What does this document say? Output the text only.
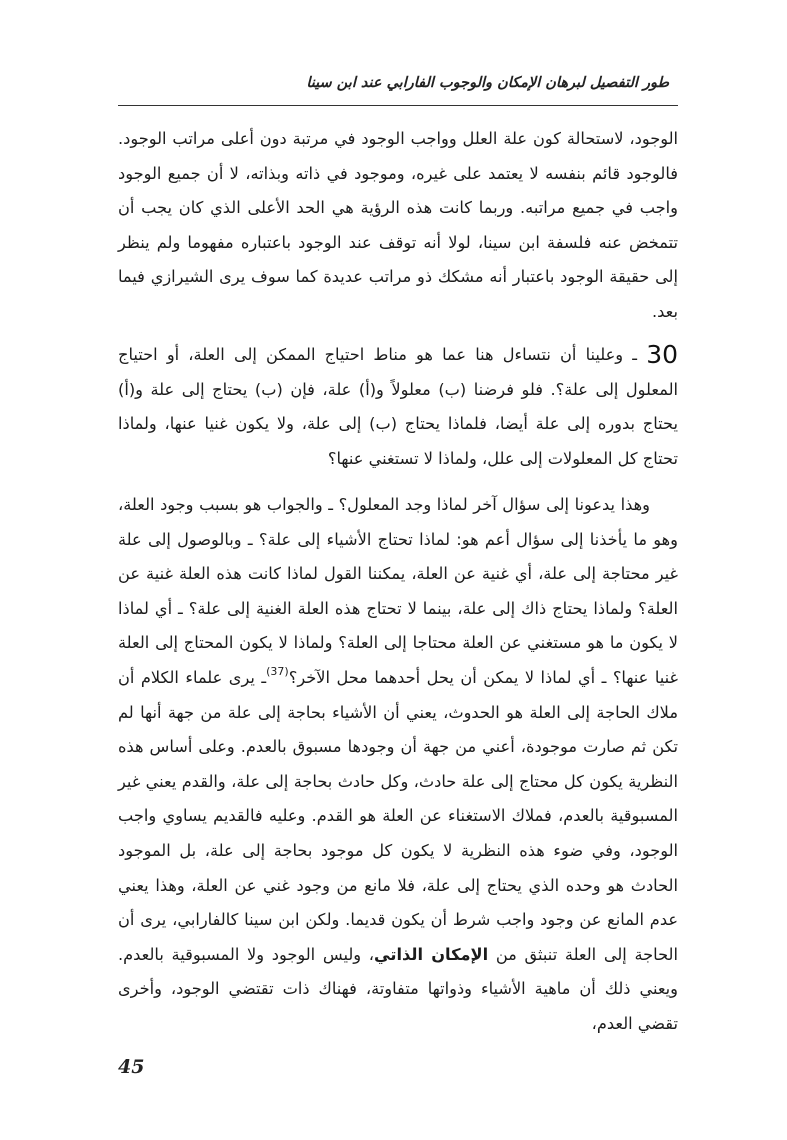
طور التفصيل لبرهان الإمكان والوجوب الفارابي عند ابن سينا

الوجود، لاستحالة كون علة العلل وواجب الوجود في مرتبة دون أعلى مراتب الوجود. فالوجود قائم بنفسه لا يعتمد على غيره، وموجود في ذاته وبذاته، لا أن جميع الوجود واجب في جميع مراتبه. وربما كانت هذه الرؤية هي الحد الأعلى الذي كان يجب أن تتمخض عنه فلسفة ابن سينا، لولا أنه توقف عند الوجود باعتباره مفهوما ولم ينظر إلى حقيقة الوجود باعتبار أنه مشكك ذو مراتب عديدة كما سوف يرى الشيرازي فيما بعد.

30 ـ وعلينا أن نتساءل هنا عما هو مناط احتياج الممكن إلى العلة، أو احتياج المعلول إلى علة؟. فلو فرضنا (ب) معلولاً و(أ) علة، فإن (ب) يحتاج إلى علة و(أ) يحتاج بدوره إلى علة أيضا، فلماذا يحتاج (ب) إلى علة، ولا يكون غنيا عنها، ولماذا تحتاج كل المعلولات إلى علل، ولماذا لا تستغني عنها؟

وهذا يدعونا إلى سؤال آخر لماذا وجد المعلول؟ ـ والجواب هو بسبب وجود العلة، وهو ما يأخذنا إلى سؤال أعم هو: لماذا تحتاج الأشياء إلى علة؟ ـ وبالوصول إلى علة غير محتاجة إلى علة، أي غنية عن العلة، يمكننا القول لماذا كانت هذه العلة غنية عن العلة؟ ولماذا يحتاج ذاك إلى علة، بينما لا تحتاج هذه العلة الغنية إلى علة؟ ـ أي لماذا لا يكون ما هو مستغني عن العلة محتاجا إلى العلة؟ ولماذا لا يكون المحتاج إلى العلة غنيا عنها؟ ـ أي لماذا لا يمكن أن يحل أحدهما محل الآخر؟$^{(37)}$ـ يرى علماء الكلام أن ملاك الحاجة إلى العلة هو الحدوث، يعني أن الأشياء بحاجة إلى علة من جهة أنها لم تكن ثم صارت موجودة، أعني من جهة أن وجودها مسبوق بالعدم. وعلى أساس هذه النظرية يكون كل محتاج إلى علة حادث، وكل حادث بحاجة إلى علة، والقدم يعني غير المسبوقية بالعدم، فملاك الاستغناء عن العلة هو القدم. وعليه فالقديم يساوي واجب الوجود، وفي ضوء هذه النظرية لا يكون كل موجود بحاجة إلى علة، بل الموجود الحادث هو وحده الذي يحتاج إلى علة، فلا مانع من وجود غني عن العلة، وهذا يعني عدم المانع عن وجود واجب شرط أن يكون قديما. ولكن ابن سينا كالفارابي، يرى أن الحاجة إلى العلة تنبثق من الإمكان الذاتي، وليس الوجود ولا المسبوقية بالعدم. ويعني ذلك أن ماهية الأشياء وذواتها متفاوتة، فهناك ذات تقتضي الوجود، وأخرى تقضي العدم،

45
